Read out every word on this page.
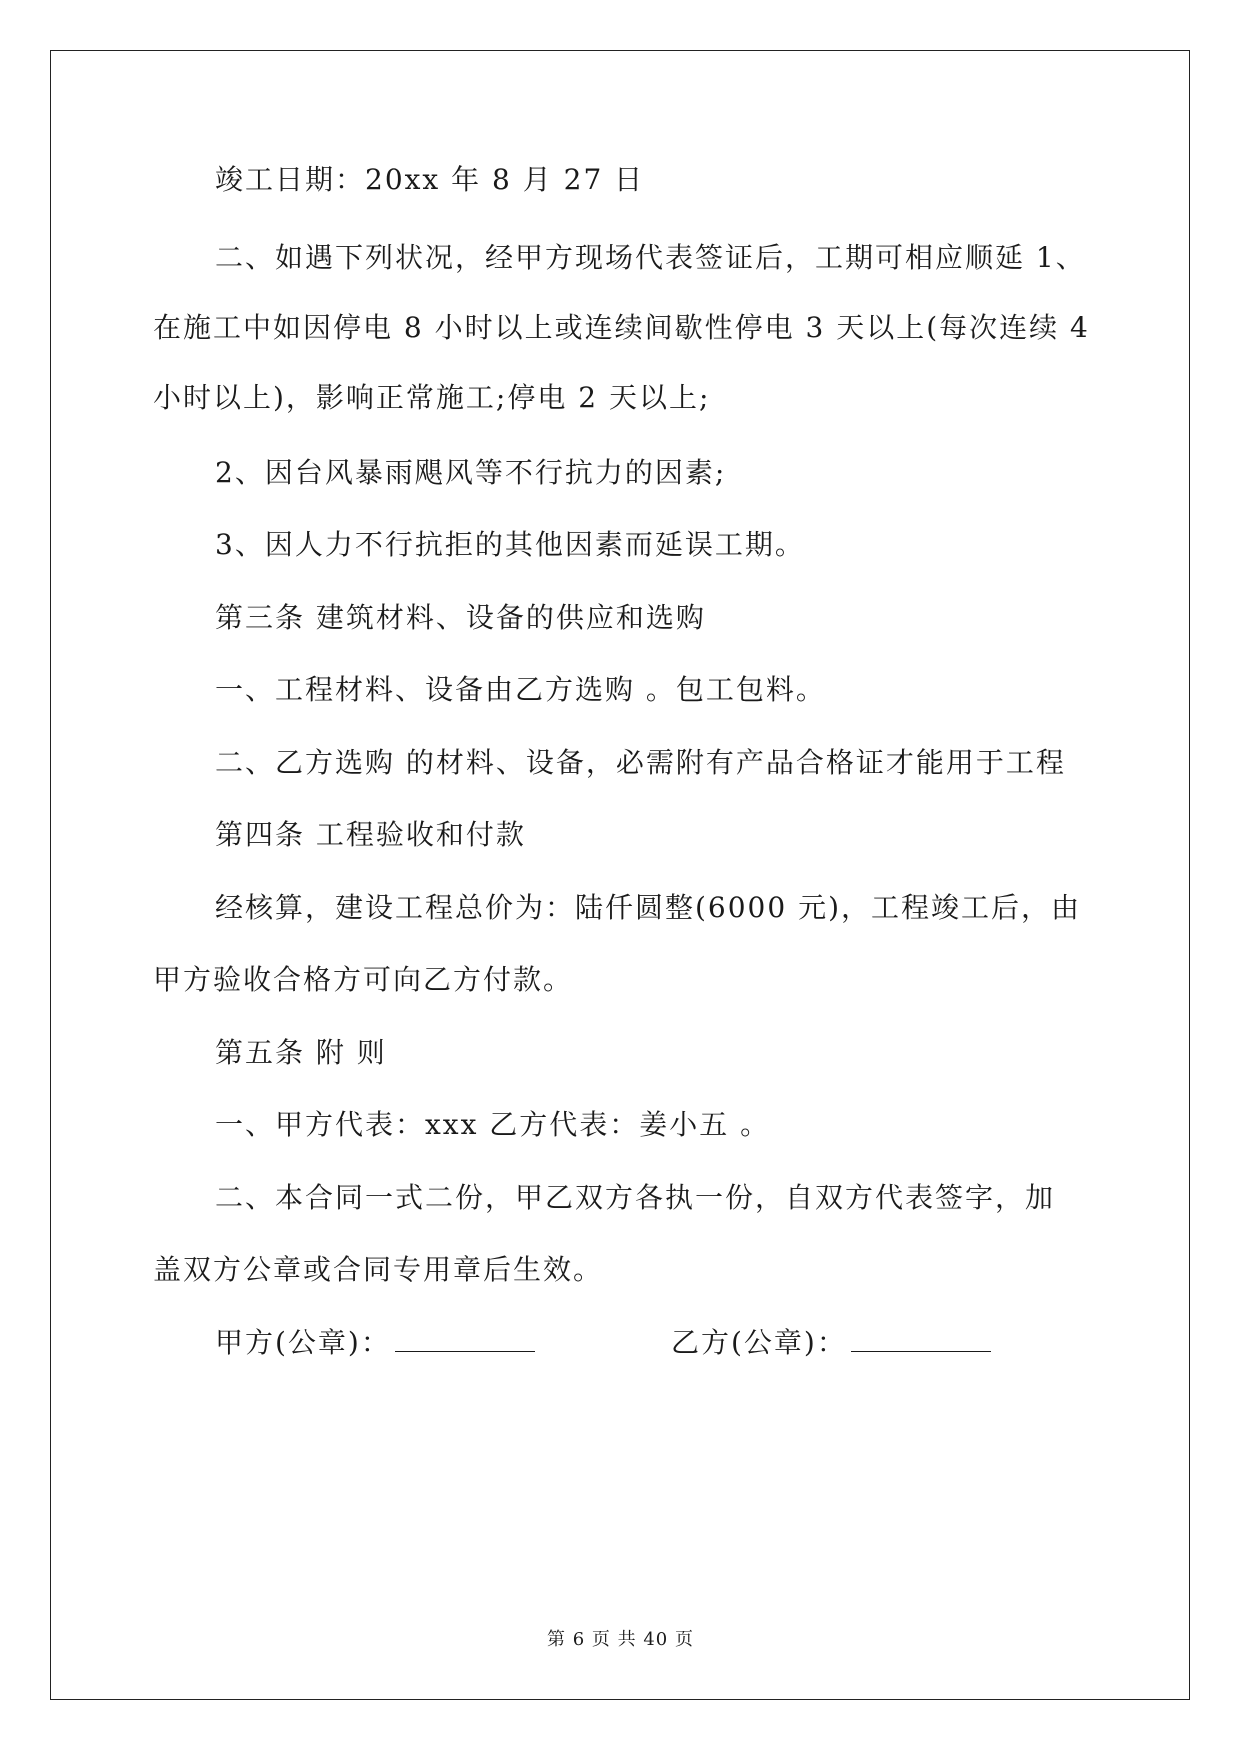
竣工日期：20xx 年 8 月 27 日
二、如遇下列状况，经甲方现场代表签证后，工期可相应顺延 1、
在施工中如因停电 8 小时以上或连续间歇性停电 3 天以上(每次连续 4
小时以上)，影响正常施工;停电 2 天以上;
2、因台风暴雨飓风等不行抗力的因素;
3、因人力不行抗拒的其他因素而延误工期。
第三条 建筑材料、设备的供应和选购
一、工程材料、设备由乙方选购 。包工包料。
二、乙方选购 的材料、设备，必需附有产品合格证才能用于工程
第四条 工程验收和付款
经核算，建设工程总价为：陆仟圆整(6000 元)，工程竣工后，由
甲方验收合格方可向乙方付款。
第五条 附 则
一、甲方代表：xxx 乙方代表：姜小五 。
二、本合同一式二份，甲乙双方各执一份，自双方代表签字，加
盖双方公章或合同专用章后生效。
甲方(公章)：	乙方(公章)：
第 6 页 共 40 页
